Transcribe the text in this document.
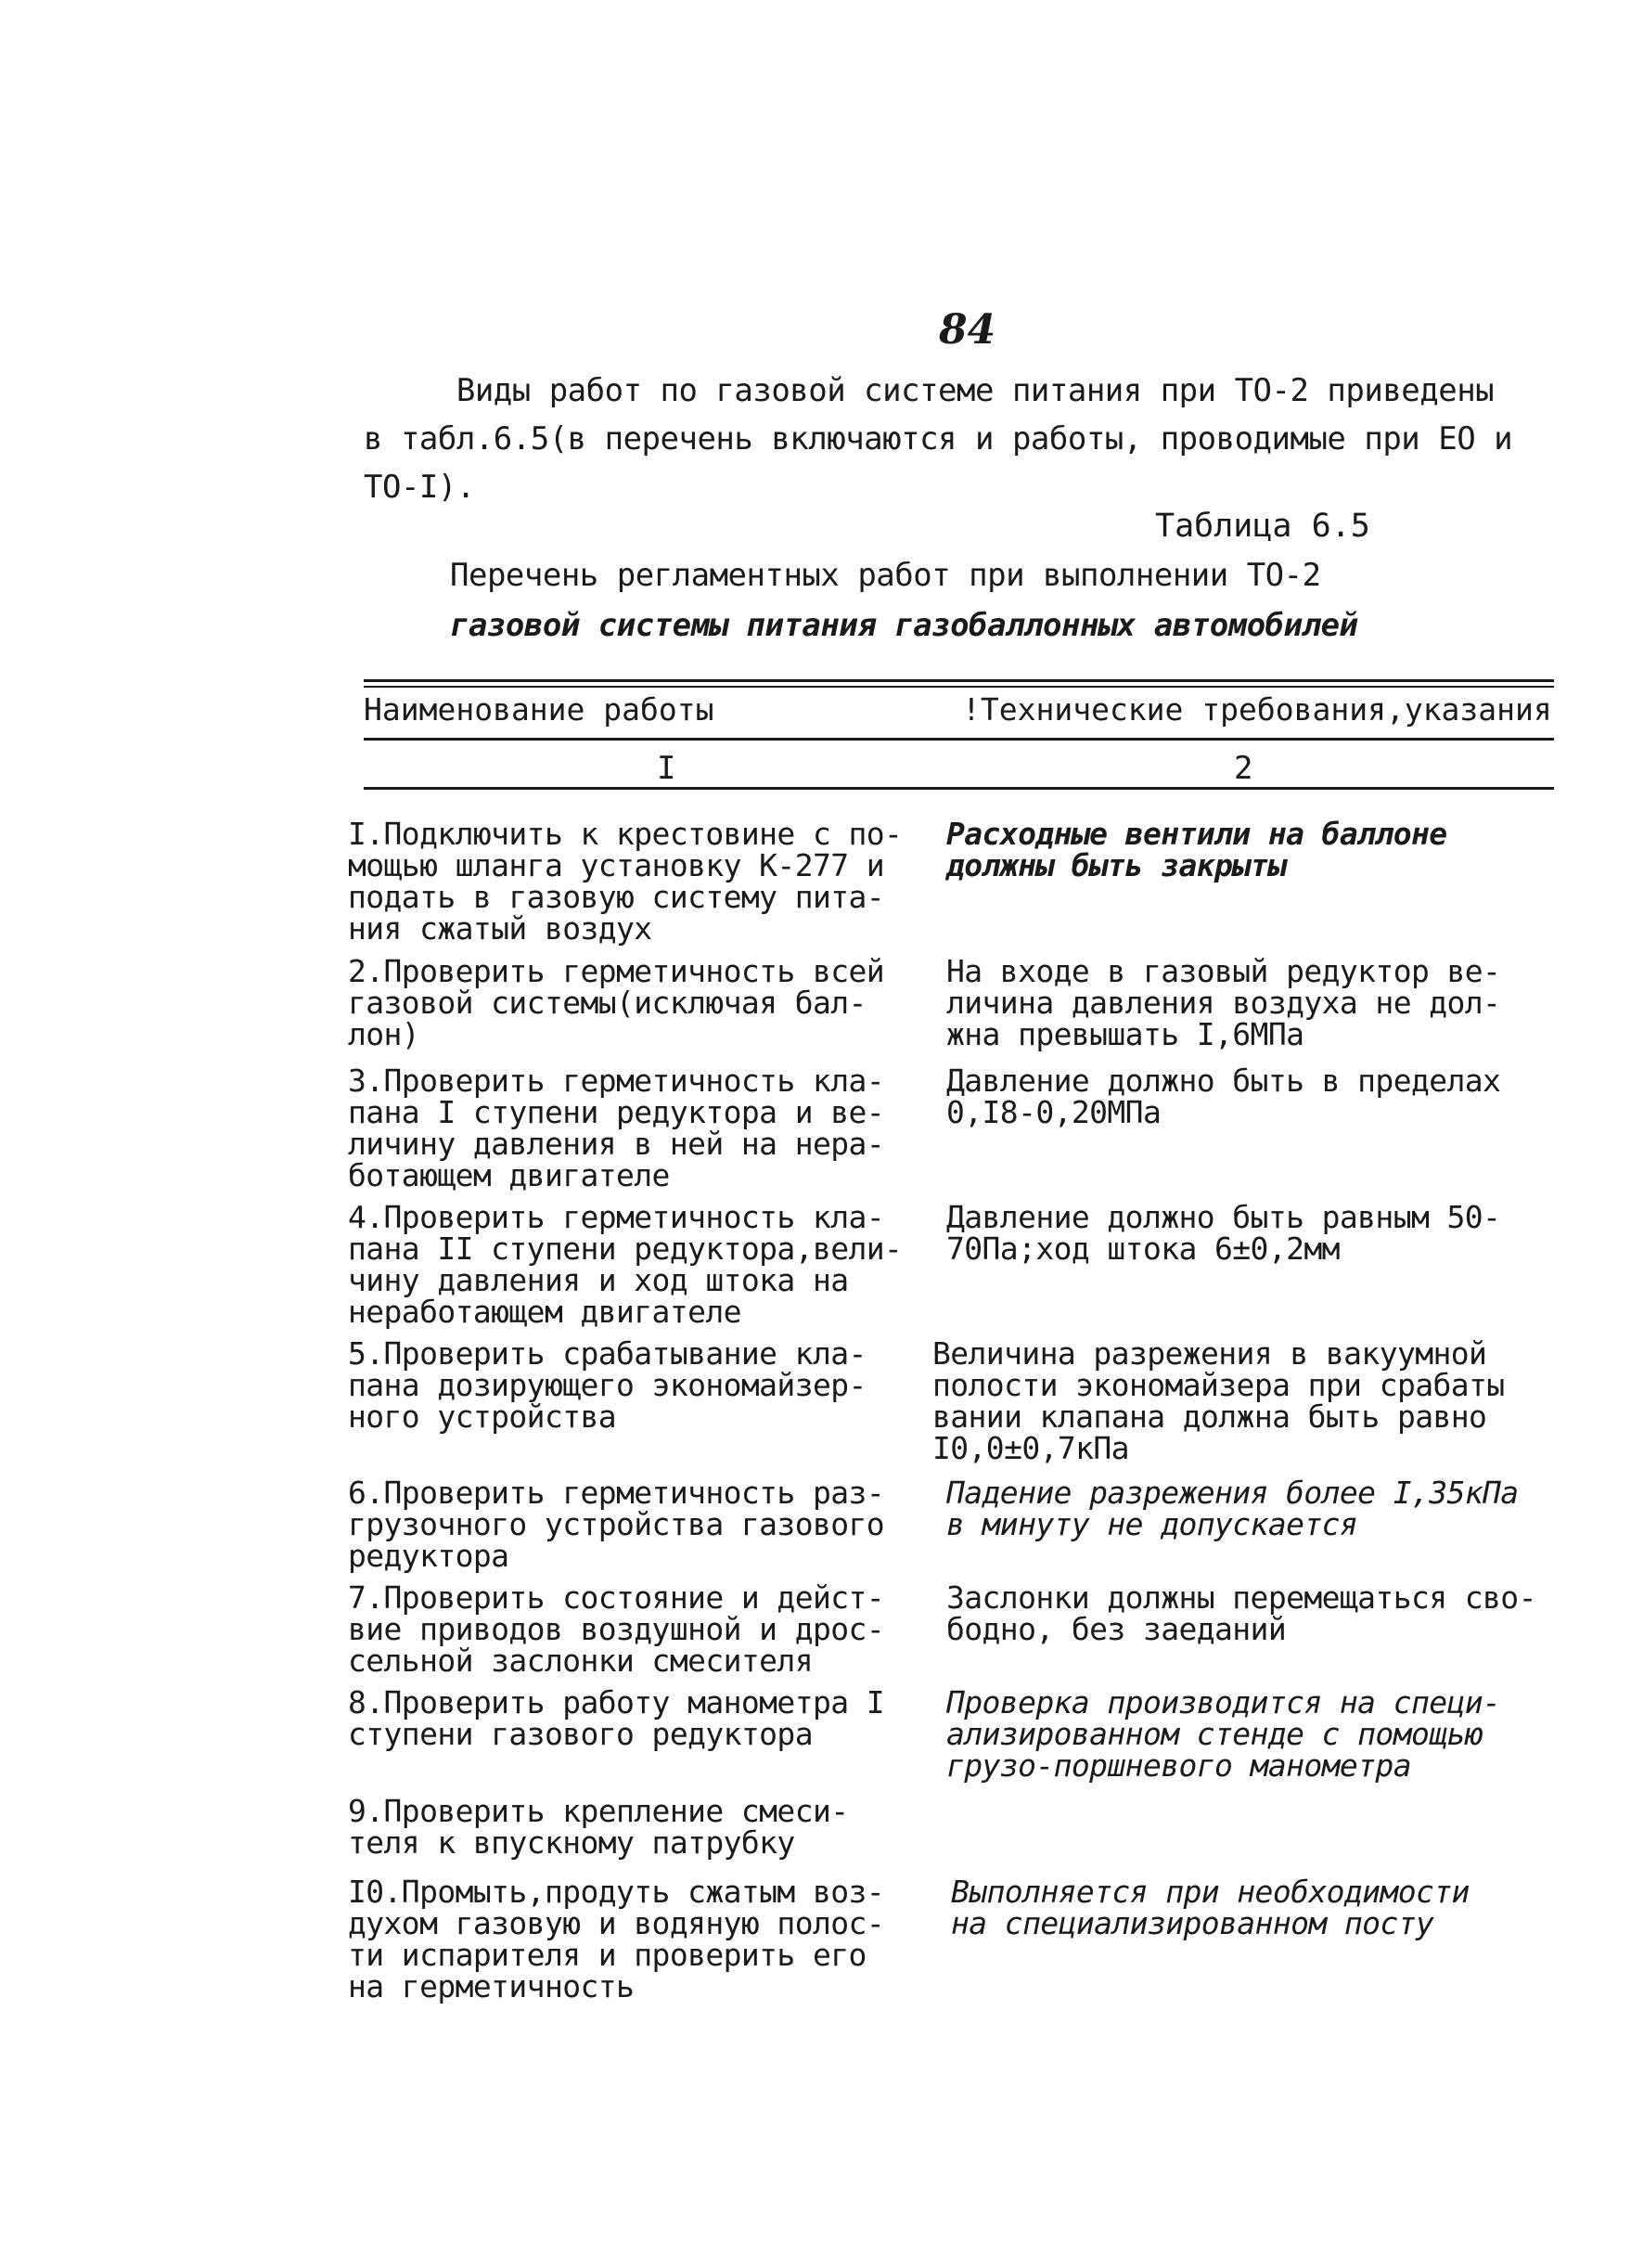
84
Виды работ по газовой системе питания при ТО-2 приведены
в табл.6.5(в перечень включаются и работы, проводимые при ЕО и
ТО-I).
Таблица 6.5
Перечень регламентных работ при выполнении ТО-2
газовой системы питания газобаллонных автомобилей
Наименование работы	!Технические требования,указания
I	2
I.Подключить к крестовине с по-
мощью шланга установку К-277 и
подать в газовую систему пита-
ния сжатый воздух
Расходные вентили на баллоне
должны быть закрыты
2.Проверить герметичность всей
газовой системы(исключая бал-
лон)
На входе в газовый редуктор ве-
личина давления воздуха не дол-
жна превышать I,6МПа
3.Проверить герметичность кла-
пана I ступени редуктора и ве-
личину давления в ней на нера-
ботающем двигателе
Давление должно быть в пределах
0,I8-0,20МПа
4.Проверить герметичность кла-
пана II ступени редуктора,вели-
чину давления и ход штока на
неработающем двигателе
Давление должно быть равным 50-
70Па;ход штока 6±0,2мм
5.Проверить срабатывание кла-
пана дозирующего экономайзер-
ного устройства
Величина разрежения в вакуумной
полости экономайзера при срабаты
вании клапана должна быть равно
I0,0±0,7кПа
6.Проверить герметичность раз-
грузочного устройства газового
редуктора
Падение разрежения более I,35кПа
в минуту не допускается
7.Проверить состояние и дейст-
вие приводов воздушной и дрос-
сельной заслонки смесителя
Заслонки должны перемещаться сво-
бодно, без заеданий
8.Проверить работу манометра I
ступени газового редуктора
Проверка производится на специ-
ализированном стенде с помощью
грузо-поршневого манометра
9.Проверить крепление смеси-
теля к впускному патрубку
I0.Промыть,продуть сжатым воз-
духом газовую и водяную полос-
ти испарителя и проверить его
на герметичность
Выполняется при необходимости
на специализированном посту
